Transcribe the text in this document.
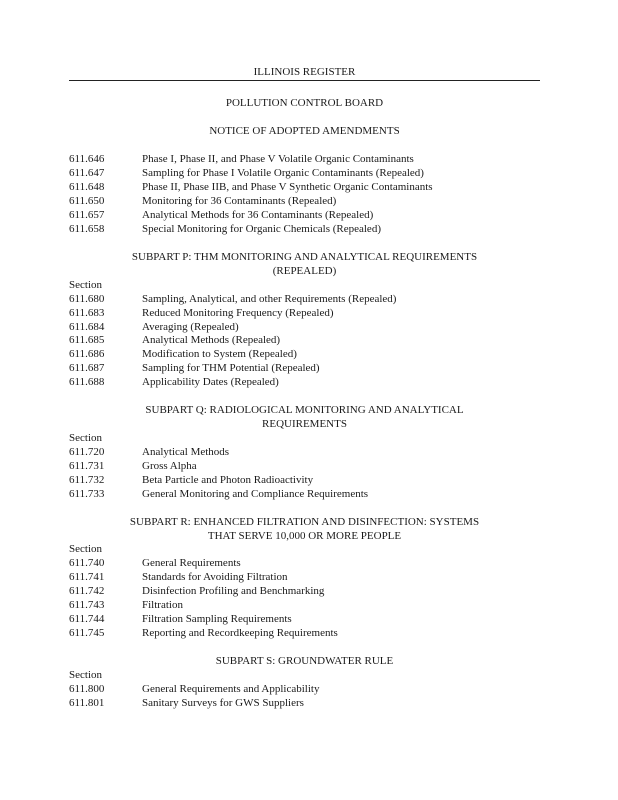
ILLINOIS REGISTER
POLLUTION CONTROL BOARD
NOTICE OF ADOPTED AMENDMENTS
611.646	Phase I, Phase II, and Phase V Volatile Organic Contaminants
611.647	Sampling for Phase I Volatile Organic Contaminants (Repealed)
611.648	Phase II, Phase IIB, and Phase V Synthetic Organic Contaminants
611.650	Monitoring for 36 Contaminants (Repealed)
611.657	Analytical Methods for 36 Contaminants (Repealed)
611.658	Special Monitoring for Organic Chemicals (Repealed)
SUBPART P: THM MONITORING AND ANALYTICAL REQUIREMENTS
(REPEALED)
Section
611.680	Sampling, Analytical, and other Requirements (Repealed)
611.683	Reduced Monitoring Frequency (Repealed)
611.684	Averaging (Repealed)
611.685	Analytical Methods (Repealed)
611.686	Modification to System (Repealed)
611.687	Sampling for THM Potential (Repealed)
611.688	Applicability Dates (Repealed)
SUBPART Q: RADIOLOGICAL MONITORING AND ANALYTICAL
REQUIREMENTS
Section
611.720	Analytical Methods
611.731	Gross Alpha
611.732	Beta Particle and Photon Radioactivity
611.733	General Monitoring and Compliance Requirements
SUBPART R: ENHANCED FILTRATION AND DISINFECTION: SYSTEMS
THAT SERVE 10,000 OR MORE PEOPLE
Section
611.740	General Requirements
611.741	Standards for Avoiding Filtration
611.742	Disinfection Profiling and Benchmarking
611.743	Filtration
611.744	Filtration Sampling Requirements
611.745	Reporting and Recordkeeping Requirements
SUBPART S: GROUNDWATER RULE
Section
611.800	General Requirements and Applicability
611.801	Sanitary Surveys for GWS Suppliers
